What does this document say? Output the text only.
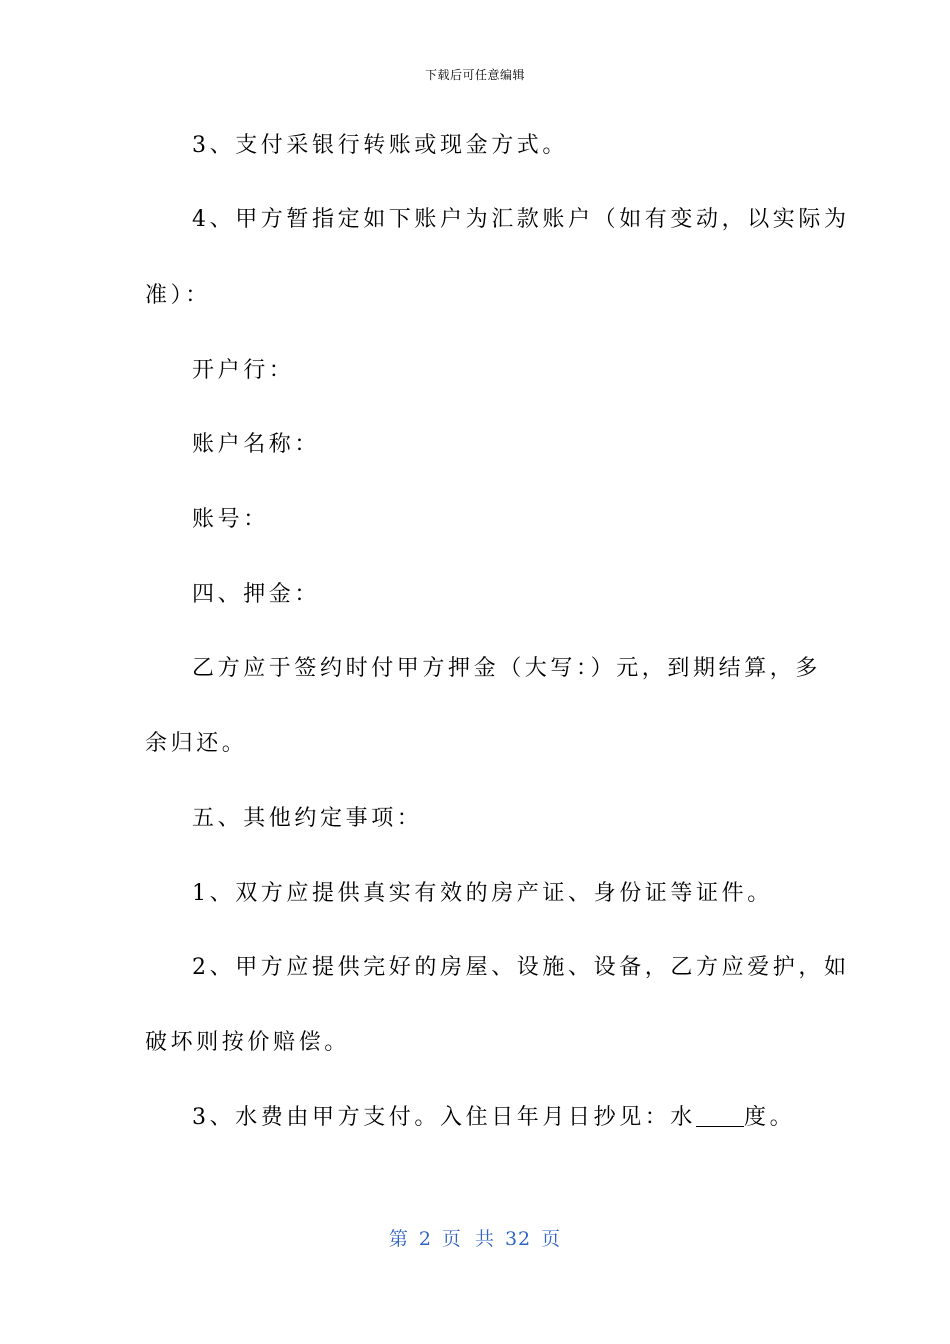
下载后可任意编辑
3、支付采银行转账或现金方式。
4、甲方暂指定如下账户为汇款账户（如有变动，以实际为
准）：
开户行：
账户名称：
账号：
四、押金：
乙方应于签约时付甲方押金（大写：）元，到期结算，多
余归还。
五、其他约定事项：
1、双方应提供真实有效的房产证、身份证等证件。
2、甲方应提供完好的房屋、设施、设备，乙方应爱护，如
破坏则按价赔偿。
3、水费由甲方支付。入住日年月日抄见：水 度。
第 2 页 共 32 页
